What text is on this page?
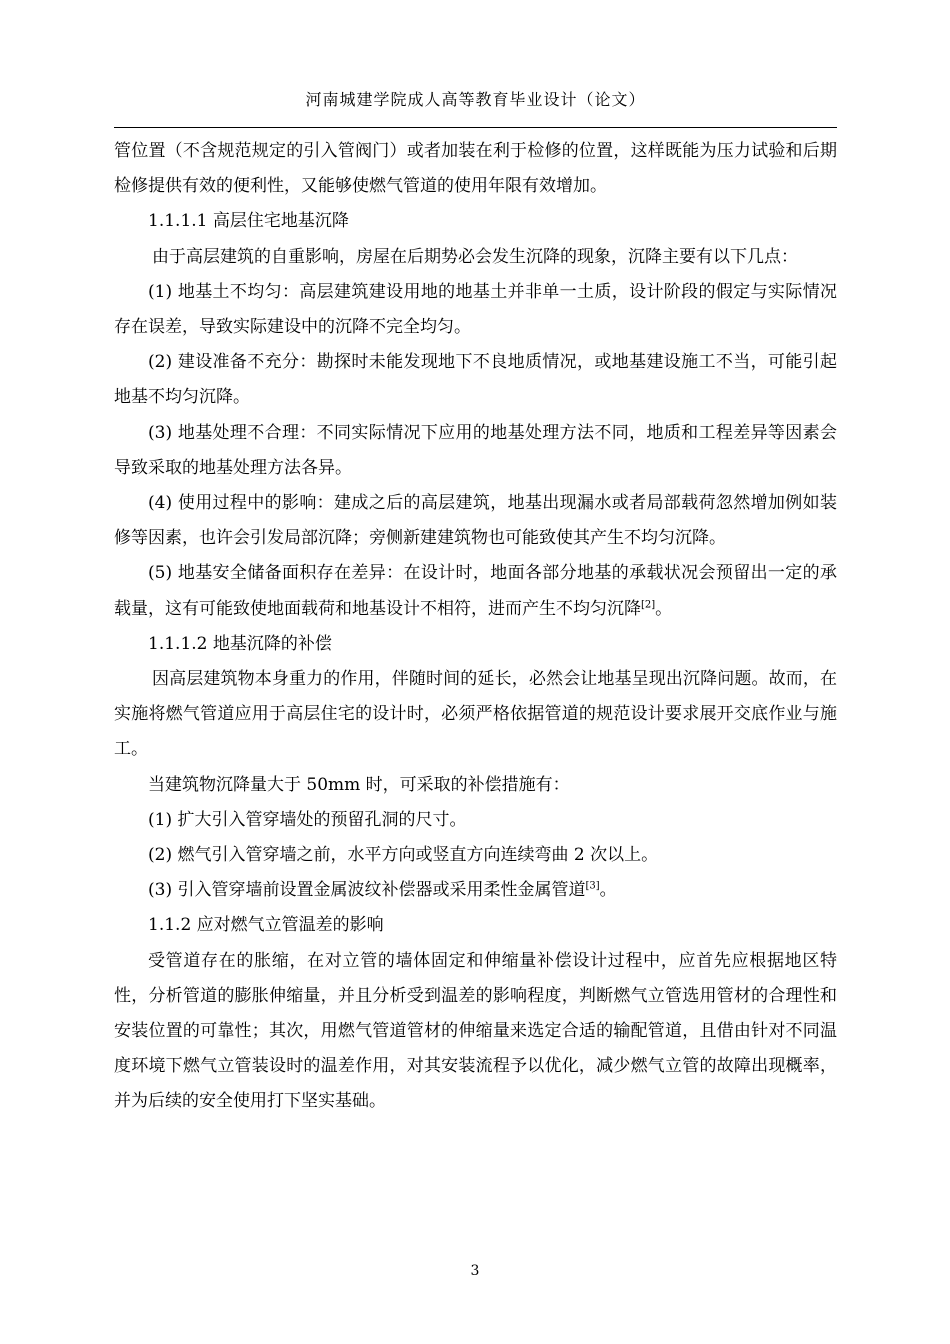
河南城建学院成人高等教育毕业设计（论文）

管位置（不含规范规定的引入管阀门）或者加装在利于检修的位置，这样既能为压力试验和后期检修提供有效的便利性，又能够使燃气管道的使用年限有效增加。

1.1.1.1 高层住宅地基沉降

由于高层建筑的自重影响，房屋在后期势必会发生沉降的现象，沉降主要有以下几点：

(1) 地基土不均匀：高层建筑建设用地的地基土并非单一土质，设计阶段的假定与实际情况存在误差，导致实际建设中的沉降不完全均匀。

(2) 建设准备不充分：勘探时未能发现地下不良地质情况，或地基建设施工不当，可能引起地基不均匀沉降。

(3) 地基处理不合理：不同实际情况下应用的地基处理方法不同，地质和工程差异等因素会导致采取的地基处理方法各异。

(4) 使用过程中的影响：建成之后的高层建筑，地基出现漏水或者局部载荷忽然增加例如装修等因素，也许会引发局部沉降；旁侧新建建筑物也可能致使其产生不均匀沉降。

(5) 地基安全储备面积存在差异：在设计时，地面各部分地基的承载状况会预留出一定的承载量，这有可能致使地面载荷和地基设计不相符，进而产生不均匀沉降[2]。

1.1.1.2 地基沉降的补偿

因高层建筑物本身重力的作用，伴随时间的延长，必然会让地基呈现出沉降问题。故而，在实施将燃气管道应用于高层住宅的设计时，必须严格依据管道的规范设计要求展开交底作业与施工。

当建筑物沉降量大于 50mm 时，可采取的补偿措施有：

(1) 扩大引入管穿墙处的预留孔洞的尺寸。

(2) 燃气引入管穿墙之前，水平方向或竖直方向连续弯曲 2 次以上。

(3) 引入管穿墙前设置金属波纹补偿器或采用柔性金属管道[3]。

1.1.2 应对燃气立管温差的影响

受管道存在的胀缩，在对立管的墙体固定和伸缩量补偿设计过程中，应首先应根据地区特性，分析管道的膨胀伸缩量，并且分析受到温差的影响程度，判断燃气立管选用管材的合理性和安装位置的可靠性；其次，用燃气管道管材的伸缩量来选定合适的输配管道，且借由针对不同温度环境下燃气立管装设时的温差作用，对其安装流程予以优化，减少燃气立管的故障出现概率，并为后续的安全使用打下坚实基础。

3
